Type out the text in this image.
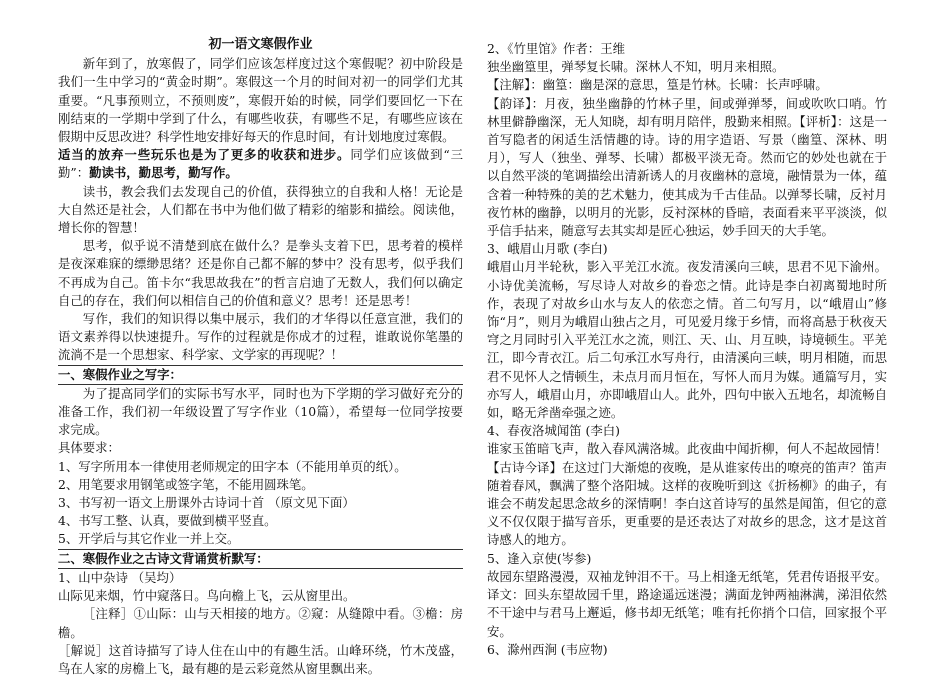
初一语文寒假作业

新年到了，放寒假了，同学们应该怎样度过这个寒假呢？初中阶段是我们一生中学习的“黄金时期”。寒假这一个月的时间对初一的同学们尤其重要。“凡事预则立，不预则废”，寒假开始的时候，同学们要回忆一下在刚结束的一学期中学到了什么，有哪些收获，有哪些不足，有哪些应该在假期中反思改进？科学性地安排好每天的作息时间，有计划地度过寒假。

适当的放弃一些玩乐也是为了更多的收获和进步。同学们应该做到“三勤”：勤读书，勤思考，勤写作。

读书，教会我们去发现自己的价值，获得独立的自我和人格！无论是大自然还是社会，人们都在书中为他们做了精彩的缩影和描绘。阅读他，增长你的智慧！

思考，似乎说不清楚到底在做什么？是拳头支着下巴，思考着的模样是夜深难寐的缥缈思绪？还是你自己都不解的梦中？没有思考，似乎我们不再成为自己。笛卡尔“我思故我在”的哲言启迪了无数人，我们何以确定自己的存在，我们何以相信自己的价值和意义？思考！还是思考！

写作，我们的知识得以集中展示，我们的才华得以任意宣泄，我们的语文素养得以快速提升。写作的过程就是你成才的过程，谁敢说你笔墨的流淌不是一个思想家、科学家、文学家的再现呢？！

一、寒假作业之写字：

为了提高同学们的实际书写水平，同时也为下学期的学习做好充分的准备工作，我们初一年级设置了写字作业（10篇），希望每一位同学按要求完成。

具体要求：

1、写字所用本一律使用老师规定的田字本（不能用单页的纸）。

2、用笔要求用钢笔或签字笔，不能用圆珠笔。

3、书写初一语文上册课外古诗词十首 （原文见下面）

4、书写工整、认真，要做到横平竖直。

5、开学后与其它作业一并上交。

二、寒假作业之古诗文背诵赏析默写：

1、山中杂诗 （吴均）

山际见来烟，竹中窥落日。鸟向檐上飞，云从窗里出。

［注释］①山际：山与天相接的地方。②窥：从缝隙中看。③檐：房檐。

［解说］这首诗描写了诗人住在山中的有趣生活。山峰环绕，竹木茂盛，鸟在人家的房檐上飞，最有趣的是云彩竟然从窗里飘出来。

2、《竹里馆》作者：王维

独坐幽篁里，弹琴复长啸。深林人不知，明月来相照。

【注解】：幽篁：幽是深的意思，篁是竹林。长啸：长声呼啸。

【韵译】：月夜，独坐幽静的竹林子里，间或弹弹琴，间或吹吹口哨。竹林里僻静幽深，无人知晓，却有明月陪伴，殷勤来相照。【评析】：这是一首写隐者的闲适生活情趣的诗。诗的用字造语、写景（幽篁、深林、明月），写人（独坐、弹琴、长啸）都极平淡无奇。然而它的妙处也就在于以自然平淡的笔调描绘出清新诱人的月夜幽林的意境，融情景为一体，蕴含着一种特殊的美的艺术魅力，使其成为千古佳品。以弹琴长啸，反衬月夜竹林的幽静，以明月的光影，反衬深林的昏暗，表面看来平平淡淡，似乎信手拈来，随意写去其实却是匠心独运，妙手回天的大手笔。

3、峨眉山月歌 (李白)

峨眉山月半轮秋，影入平羌江水流。夜发清溪向三峡，思君不见下渝州。小诗优美流畅，写尽诗人对故乡的眷恋之情。此诗是李白初离蜀地时所作，表现了对故乡山水与友人的依恋之情。首二句写月，以“峨眉山”修饰“月”，则月为峨眉山独占之月，可见爱月缘于乡情，而将高悬于秋夜天穹之月同时引入平羌江水之流，则江、天、山、月互映，诗境顿生。平羌江，即今青衣江。后二句承江水写舟行，由清溪向三峡，明月相随，而思君不见怀人之情顿生，未点月而月恒在，写怀人而月为媒。通篇写月，实亦写人，峨眉山月，亦即峨眉山人。此外，四句中嵌入五地名，却流畅自如，略无斧凿牵强之迹。

4、春夜洛城闻笛 (李白)

谁家玉笛暗飞声，散入春风满洛城。此夜曲中闻折柳，何人不起故园情！【古诗今译】在这过门大渐熄的夜晚，是从谁家传出的嘹亮的笛声？笛声随着春风，飘满了整个洛阳城。这样的夜晚听到这《折杨柳》的曲子，有谁会不萌发起思念故乡的深情啊！李白这首诗写的虽然是闻笛，但它的意义不仅仅限于描写音乐，更重要的是还表达了对故乡的思念，这才是这首诗感人的地方。

5、逢入京使(岑参)

故园东望路漫漫，双袖龙钟泪不干。马上相逢无纸笔，凭君传语报平安。译文：回头东望故园千里，路途遥远迷漫；满面龙钟两袖淋满，涕泪依然不干途中与君马上邂逅，修书却无纸笔；唯有托你捎个口信，回家报个平安。

6、滁州西涧 (韦应物)
